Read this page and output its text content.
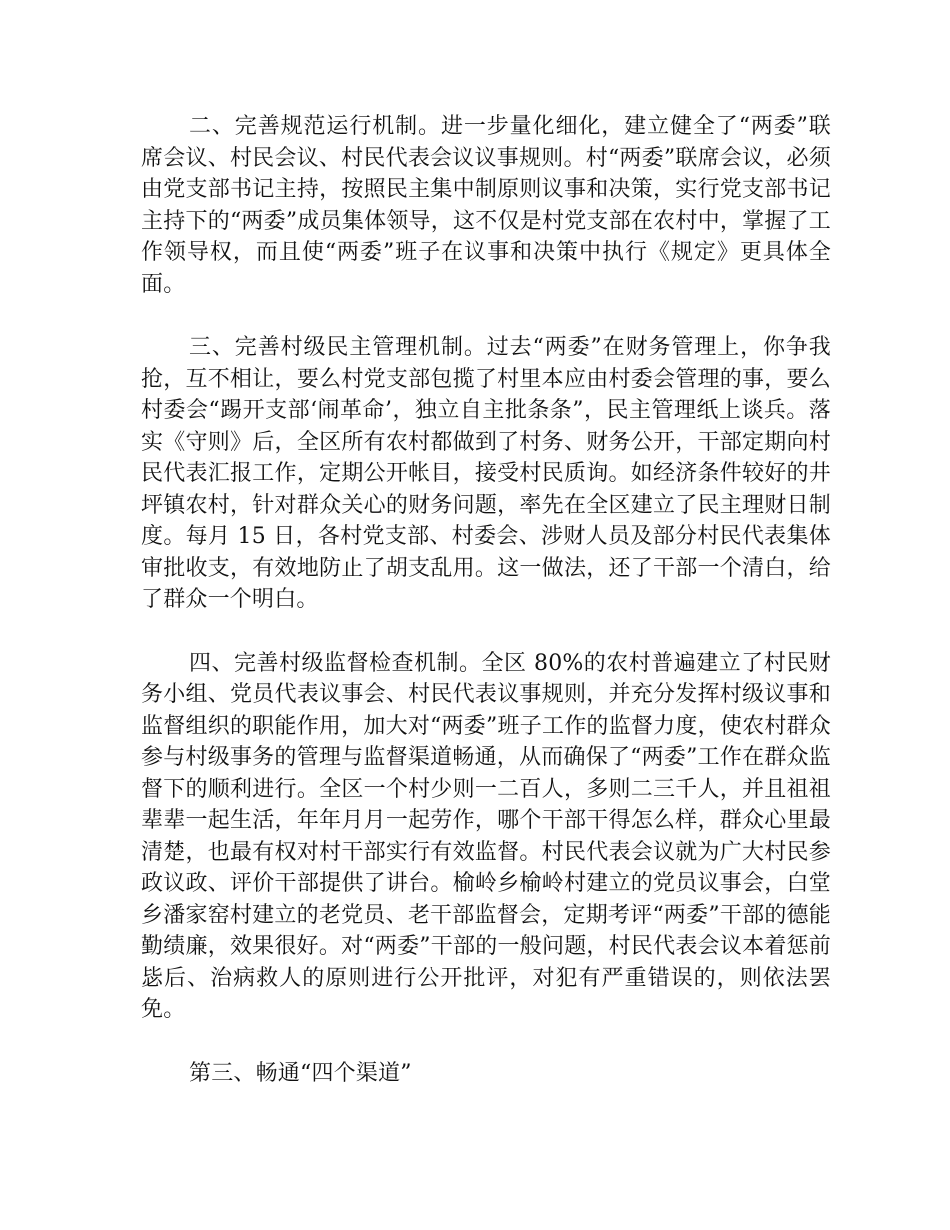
二、完善规范运行机制。进一步量化细化，建立健全了“两委”联席会议、村民会议、村民代表会议议事规则。村“两委”联席会议，必须由党支部书记主持，按照民主集中制原则议事和决策，实行党支部书记主持下的“两委”成员集体领导，这不仅是村党支部在农村中，掌握了工作领导权，而且使“两委”班子在议事和决策中执行《规定》更具体全面。

三、完善村级民主管理机制。过去“两委”在财务管理上，你争我抢，互不相让，要么村党支部包揽了村里本应由村委会管理的事，要么村委会“踢开支部‘闹革命’，独立自主批条条”，民主管理纸上谈兵。落实《守则》后，全区所有农村都做到了村务、财务公开，干部定期向村民代表汇报工作，定期公开帐目，接受村民质询。如经济条件较好的井坪镇农村，针对群众关心的财务问题，率先在全区建立了民主理财日制度。每月 15 日，各村党支部、村委会、涉财人员及部分村民代表集体审批收支，有效地防止了胡支乱用。这一做法，还了干部一个清白，给了群众一个明白。

四、完善村级监督检查机制。全区 80%的农村普遍建立了村民财务小组、党员代表议事会、村民代表议事规则，并充分发挥村级议事和监督组织的职能作用，加大对“两委”班子工作的监督力度，使农村群众参与村级事务的管理与监督渠道畅通，从而确保了“两委”工作在群众监督下的顺利进行。全区一个村少则一二百人，多则二三千人，并且祖祖辈辈一起生活，年年月月一起劳作，哪个干部干得怎么样，群众心里最清楚，也最有权对村干部实行有效监督。村民代表会议就为广大村民参政议政、评价干部提供了讲台。榆岭乡榆岭村建立的党员议事会，白堂乡潘家窑村建立的老党员、老干部监督会，定期考评“两委”干部的德能勤绩廉，效果很好。对“两委”干部的一般问题，村民代表会议本着惩前毖后、治病救人的原则进行公开批评，对犯有严重错误的，则依法罢免。

第三、畅通“四个渠道”
